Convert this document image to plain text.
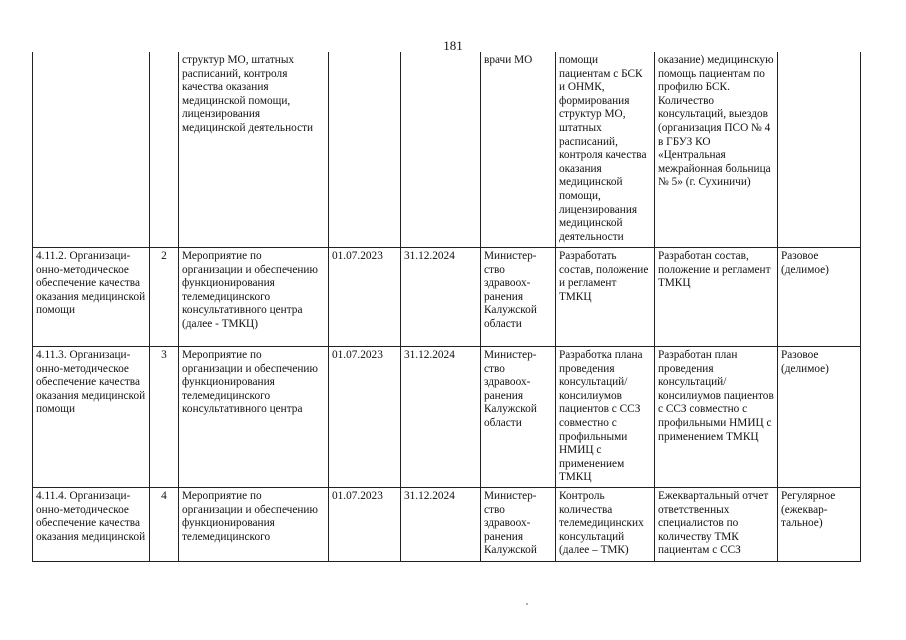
181
		структур МО, штатных расписаний, контроля качества оказания медицинской помощи, лицензирования медицинской деятельности			врачи МО	помощи пациентам с БСК и ОНМК, формирования структур МО, штатных расписаний, контроля качества оказания медицинской помощи, лицензирования медицинской деятельности	оказание) медицинскую помощь пациентам по профилю БСК. Количество консультаций, выездов (организация ПСО № 4 в ГБУЗ КО «Центральная межрайонная больница № 5» (г. Сухиничи)	
4.11.2. Организаци-онно-методическое обеспечение качества оказания медицинской помощи	2	Мероприятие по организации и обеспечению функционирования телемедицинского консультативного центра (далее - ТМКЦ)	01.07.2023	31.12.2024	Министер-ство здравоох-ранения Калужской области	Разработать состав, положение и регламент ТМКЦ	Разработан состав, положение и регламент ТМКЦ	Разовое (делимое)
4.11.3. Организаци-онно-методическое обеспечение качества оказания медицинской помощи	3	Мероприятие по организации и обеспечению функционирования телемедицинского консультативного центра	01.07.2023	31.12.2024	Министер-ство здравоох-ранения Калужской области	Разработка плана проведения консультаций/ консилиумов пациентов с ССЗ совместно с профильными НМИЦ с применением ТМКЦ	Разработан план проведения консультаций/ консилиумов пациентов с ССЗ совместно с профильными НМИЦ с применением ТМКЦ	Разовое (делимое)
4.11.4. Организаци-онно-методическое обеспечение качества оказания медицинской	4	Мероприятие по организации и обеспечению функционирования телемедицинского	01.07.2023	31.12.2024	Министер-ство здравоох-ранения Калужской	Контроль количества телемедицинских консультаций (далее – ТМК)	Ежеквартальный отчет ответственных специалистов по количеству ТМК пациентам с ССЗ	Регулярное (ежеквар-тальное)
